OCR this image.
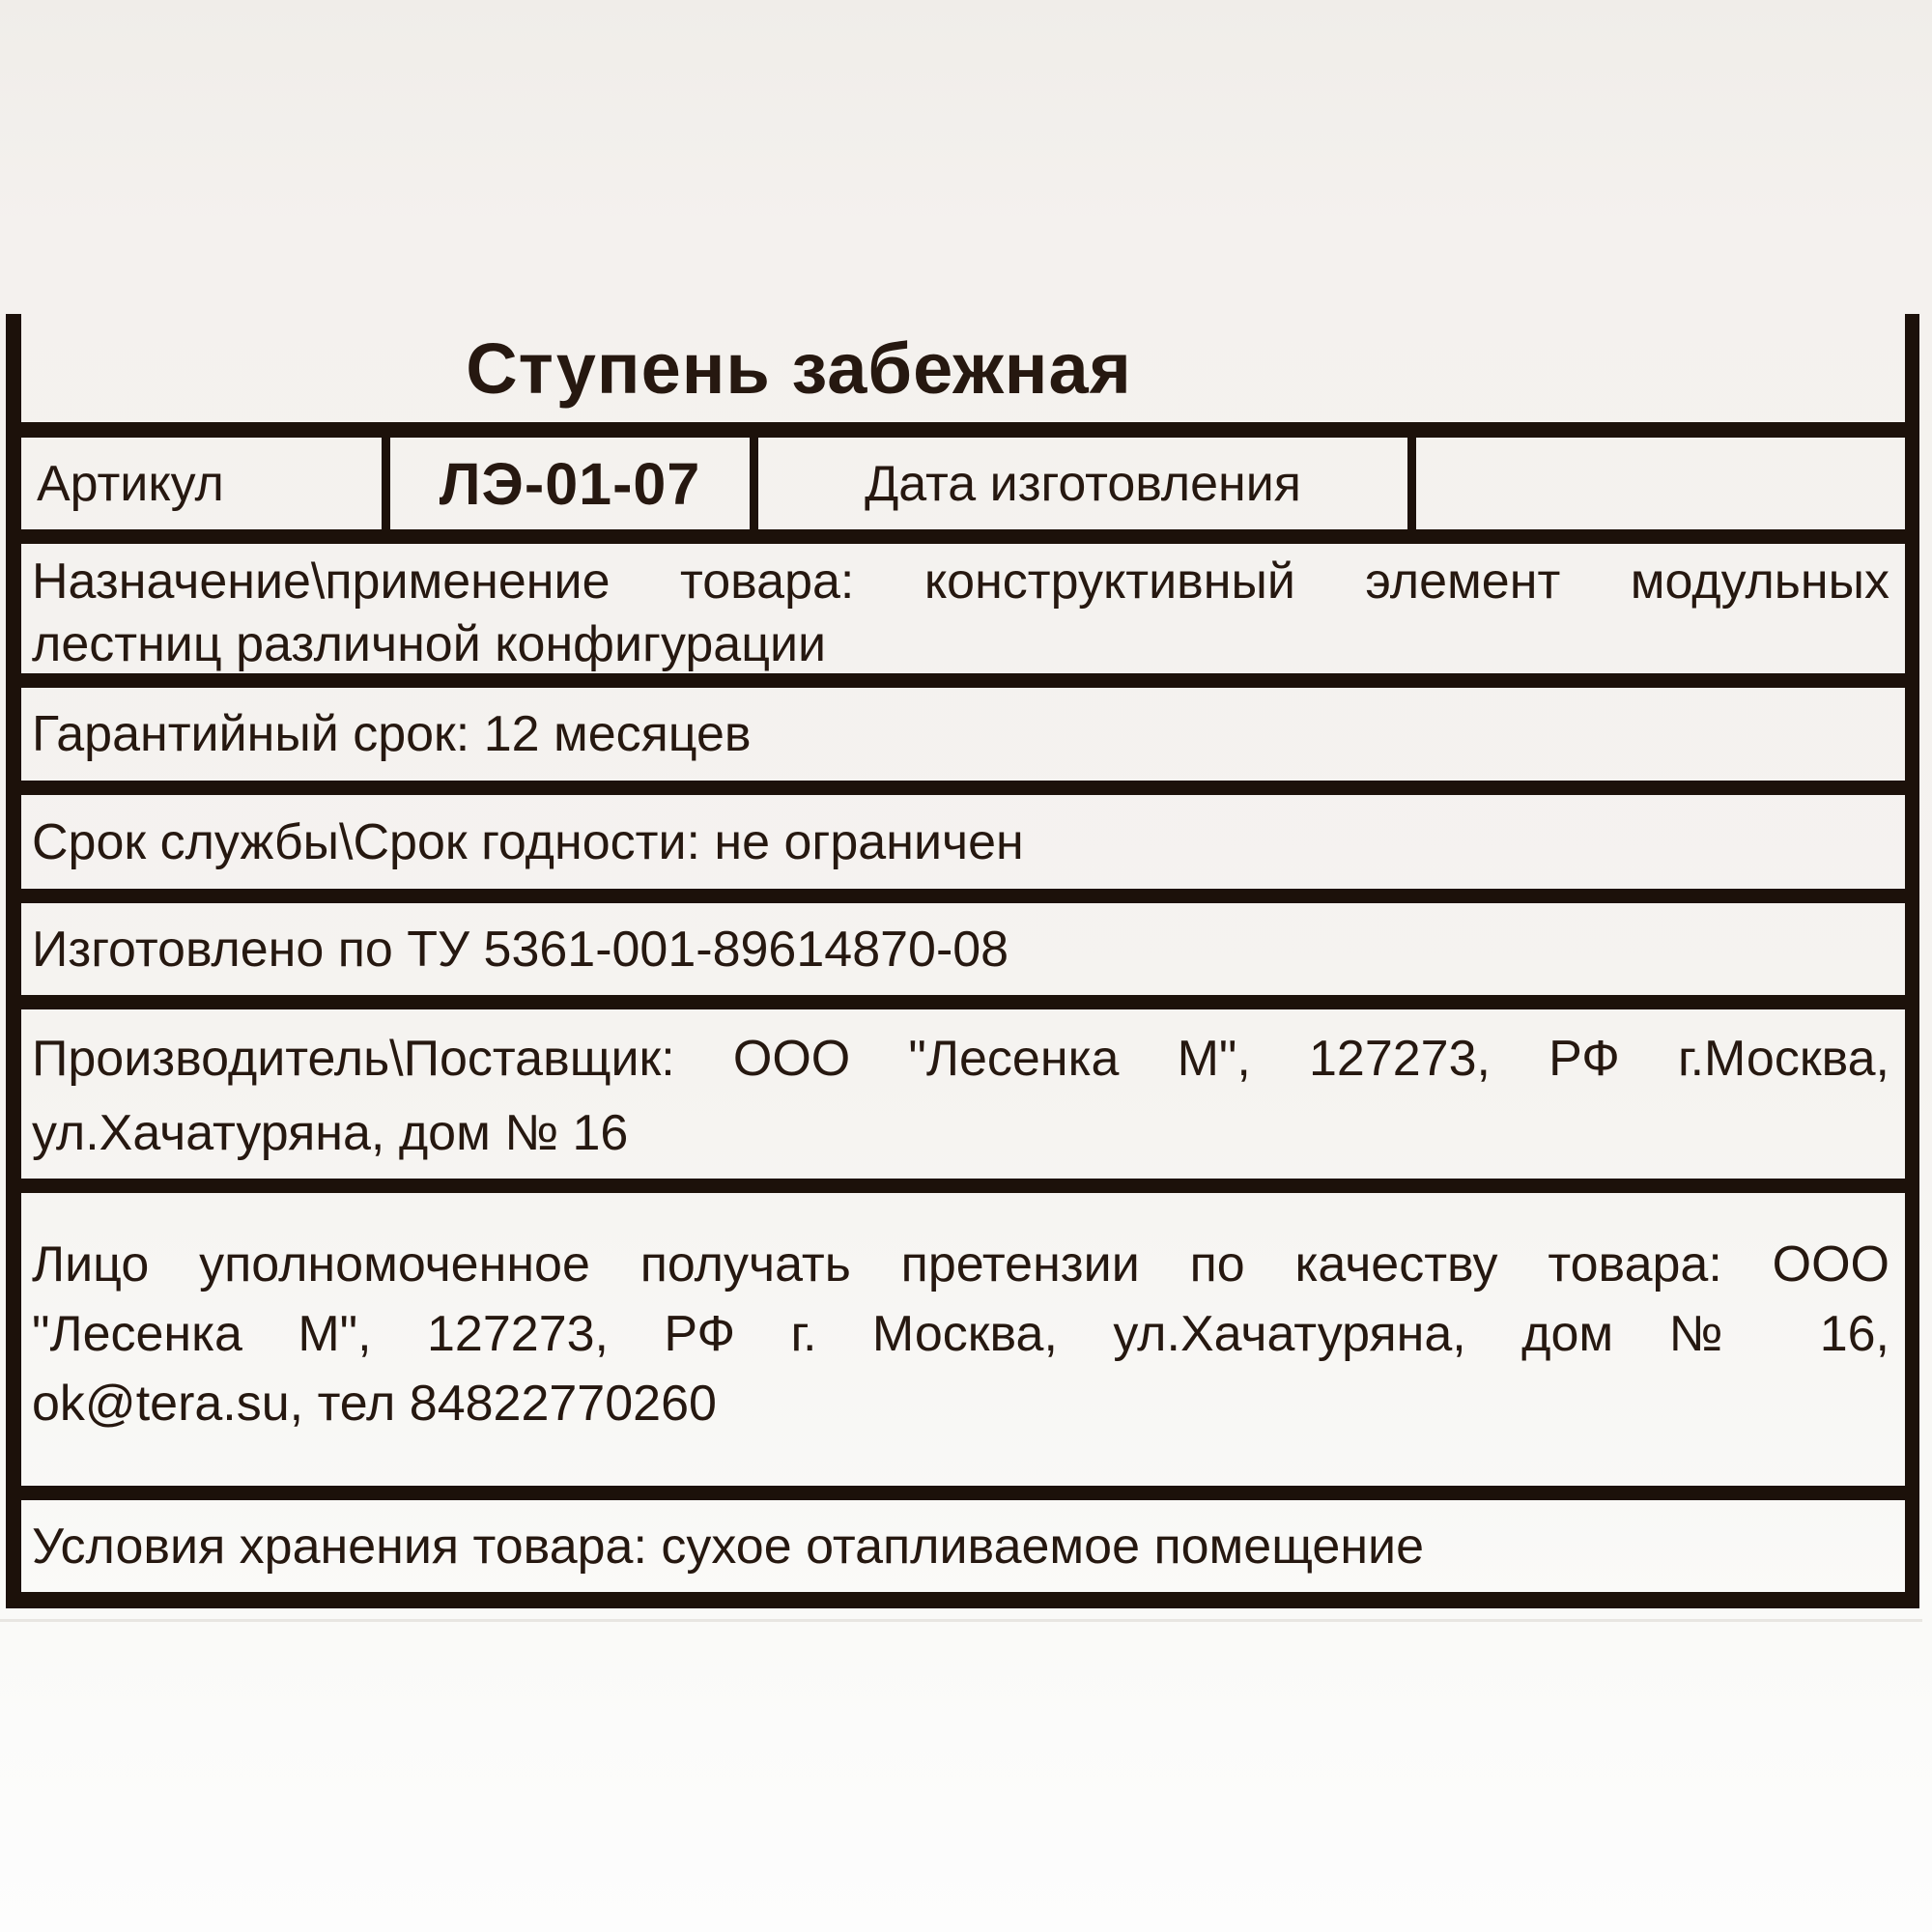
Ступень забежная
Артикул	ЛЭ-01-07	Дата изготовления
Назначение\применение товара: конструктивный элемент модульных
лестниц различной конфигурации
Гарантийный срок: 12 месяцев
Срок службы\Срок годности: не ограничен
Изготовлено по ТУ 5361-001-89614870-08
Производитель\Поставщик: ООО "Лесенка М", 127273, РФ г.Москва,
ул.Хачатуряна, дом № 16
Лицо уполномоченное получать претензии по качеству товара: ООО
"Лесенка М", 127273, РФ г. Москва, ул.Хачатуряна, дом № 16,
ok@tera.su, тел 84822770260
Условия хранения товара: сухое отапливаемое помещение
